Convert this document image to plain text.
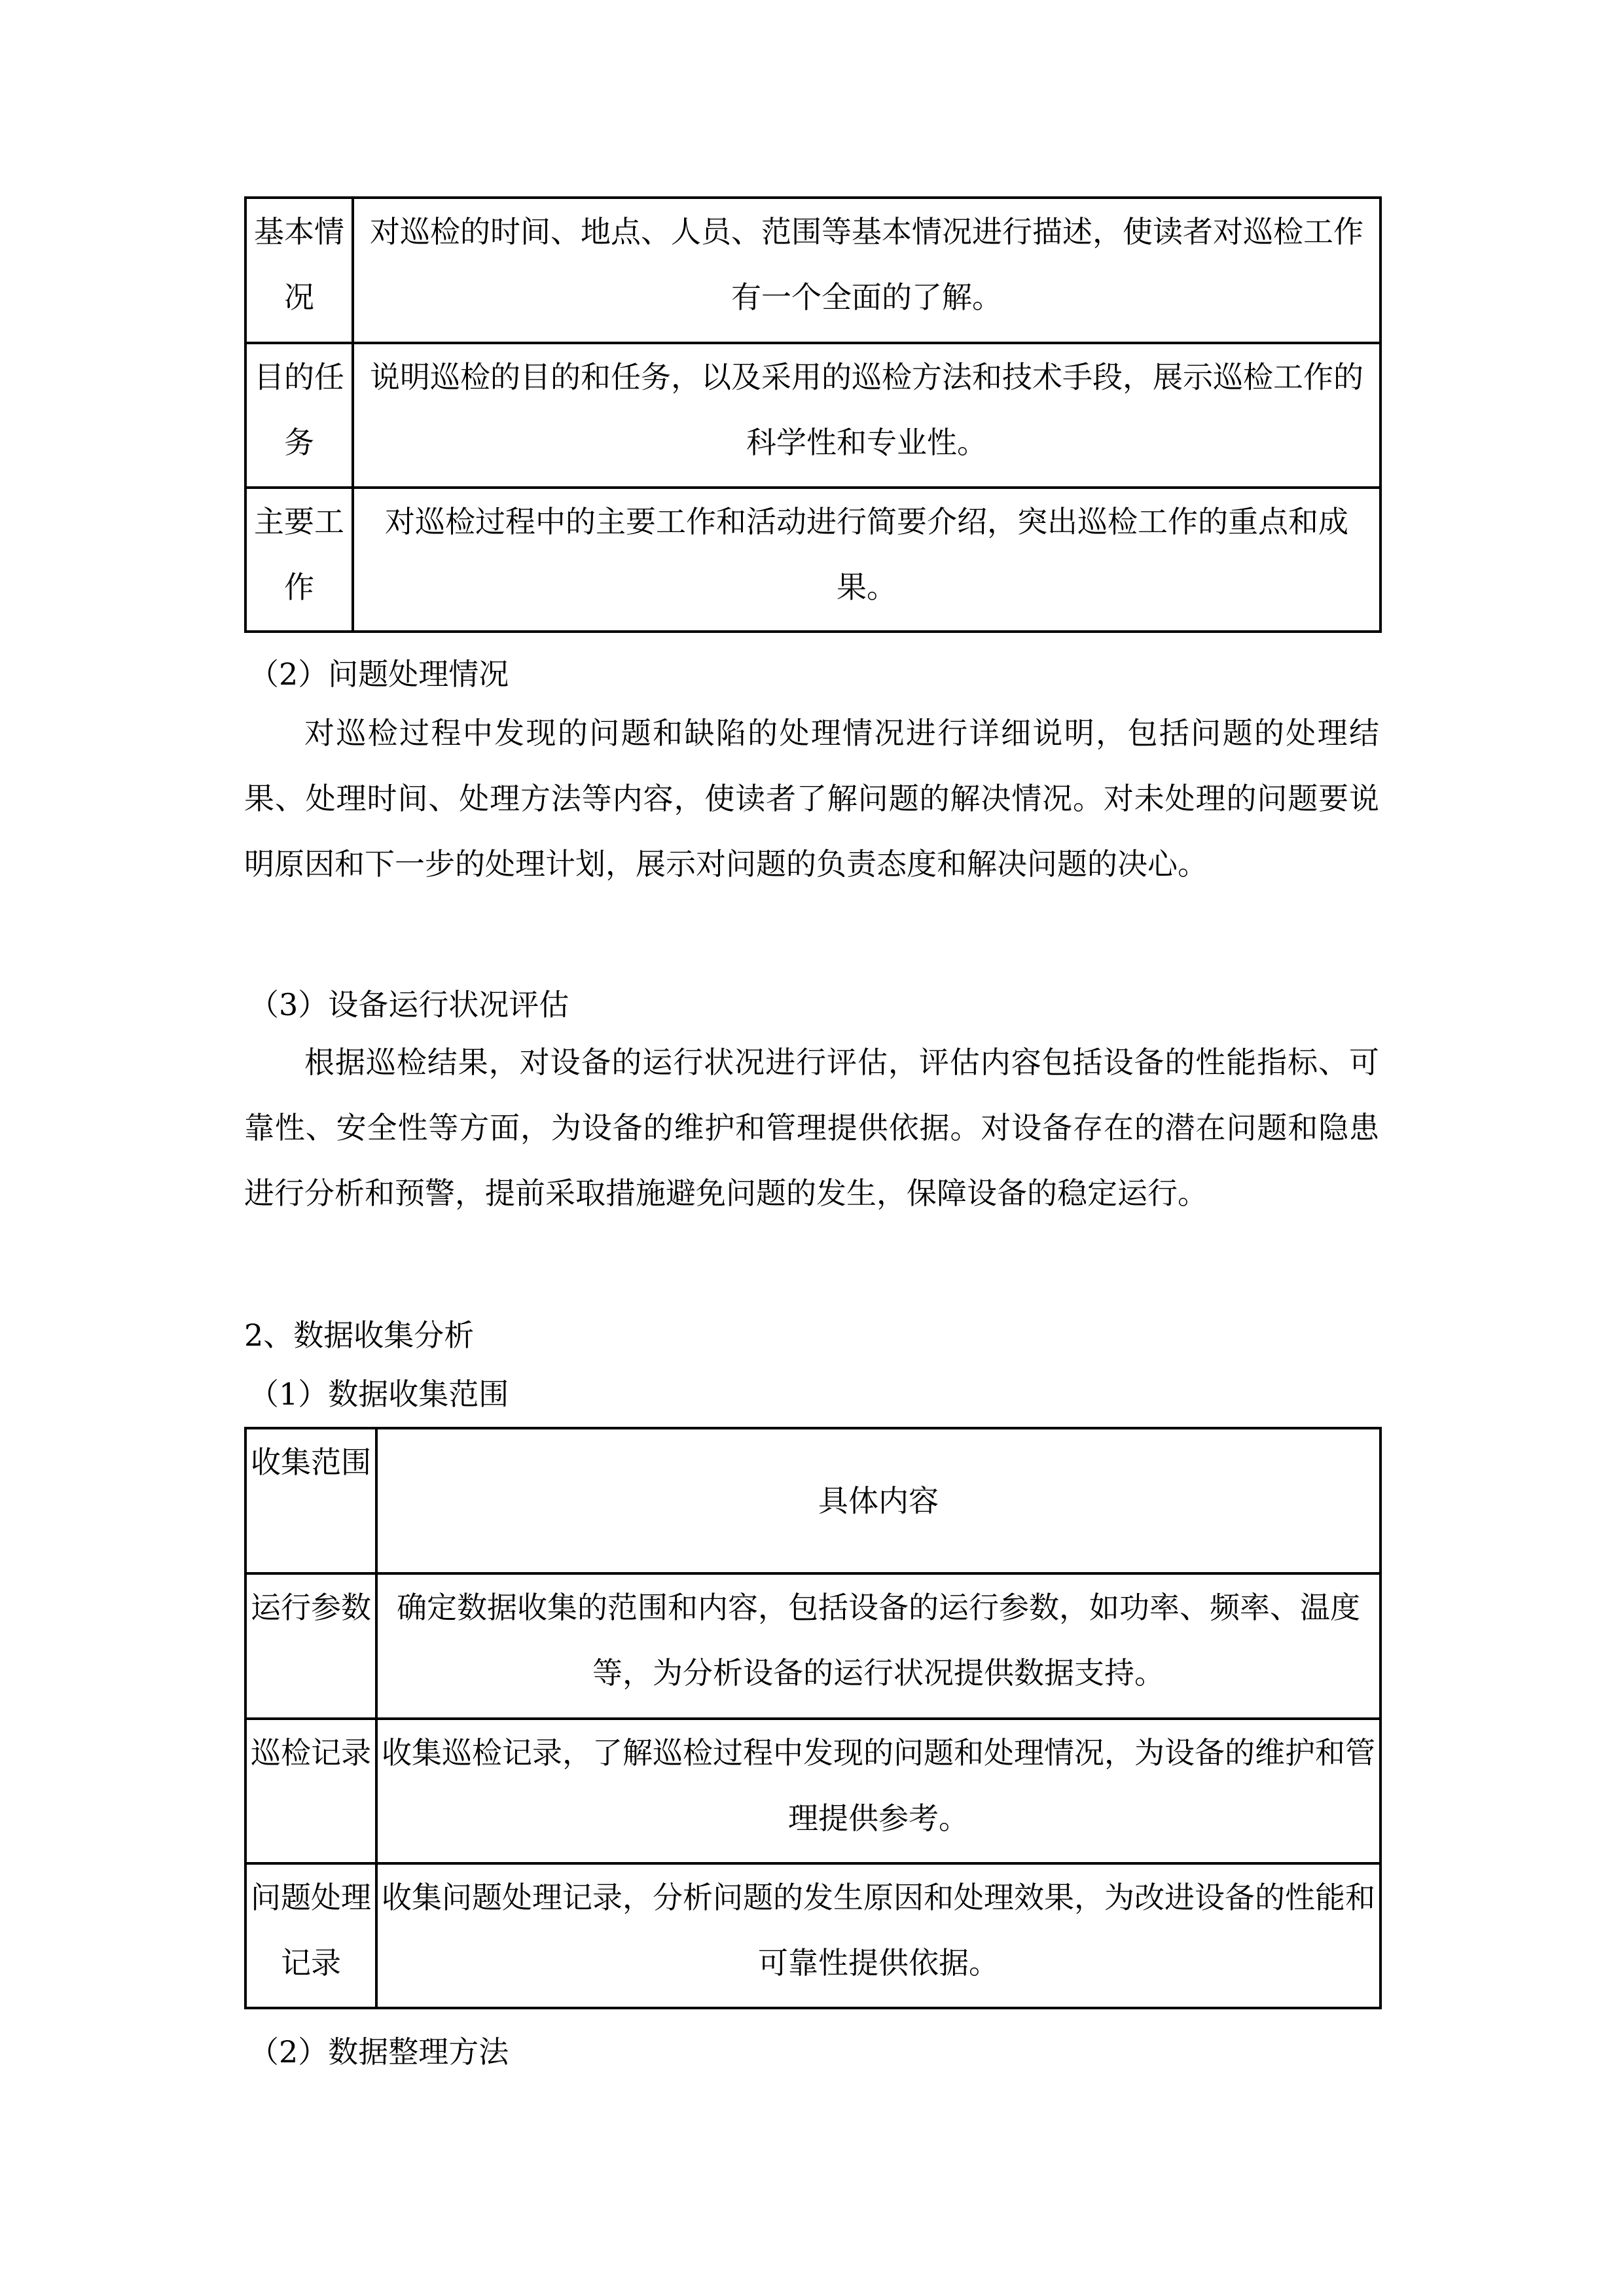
基本情况	对巡检的时间、地点、人员、范围等基本情况进行描述，使读者对巡检工作有一个全面的了解。
目的任务	说明巡检的目的和任务，以及采用的巡检方法和技术手段，展示巡检工作的科学性和专业性。
主要工作	对巡检过程中的主要工作和活动进行简要介绍，突出巡检工作的重点和成果。
（2）问题处理情况
对巡检过程中发现的问题和缺陷的处理情况进行详细说明，包括问题的处理结果、处理时间、处理方法等内容，使读者了解问题的解决情况。对未处理的问题要说明原因和下一步的处理计划，展示对问题的负责态度和解决问题的决心。
（3）设备运行状况评估
根据巡检结果，对设备的运行状况进行评估，评估内容包括设备的性能指标、可靠性、安全性等方面，为设备的维护和管理提供依据。对设备存在的潜在问题和隐患进行分析和预警，提前采取措施避免问题的发生，保障设备的稳定运行。
2、数据收集分析
（1）数据收集范围
收集范围	具体内容
运行参数	确定数据收集的范围和内容，包括设备的运行参数，如功率、频率、温度等，为分析设备的运行状况提供数据支持。
巡检记录	收集巡检记录，了解巡检过程中发现的问题和处理情况，为设备的维护和管理提供参考。
问题处理记录	收集问题处理记录，分析问题的发生原因和处理效果，为改进设备的性能和可靠性提供依据。
（2）数据整理方法
